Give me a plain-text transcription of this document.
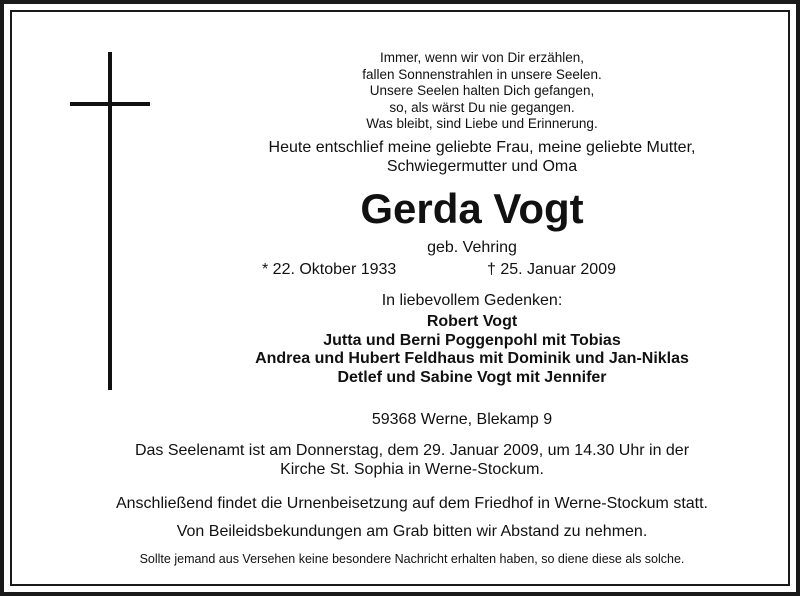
Immer, wenn wir von Dir erzählen,
fallen Sonnenstrahlen in unsere Seelen.
Unsere Seelen halten Dich gefangen,
so, als wärst Du nie gegangen.
Was bleibt, sind Liebe und Erinnerung.
Heute entschlief meine geliebte Frau, meine geliebte Mutter,
Schwiegermutter und Oma
Gerda Vogt
geb. Vehring
* 22. Oktober 1933	† 25. Januar 2009
In liebevollem Gedenken:
Robert Vogt
Jutta und Berni Poggenpohl mit Tobias
Andrea und Hubert Feldhaus mit Dominik und Jan-Niklas
Detlef und Sabine Vogt mit Jennifer
59368 Werne, Blekamp 9
Das Seelenamt ist am Donnerstag, dem 29. Januar 2009, um 14.30 Uhr in der
Kirche St. Sophia in Werne-Stockum.
Anschließend findet die Urnenbeisetzung auf dem Friedhof in Werne-Stockum statt.
Von Beileidsbekundungen am Grab bitten wir Abstand zu nehmen.
Sollte jemand aus Versehen keine besondere Nachricht erhalten haben, so diene diese als solche.
